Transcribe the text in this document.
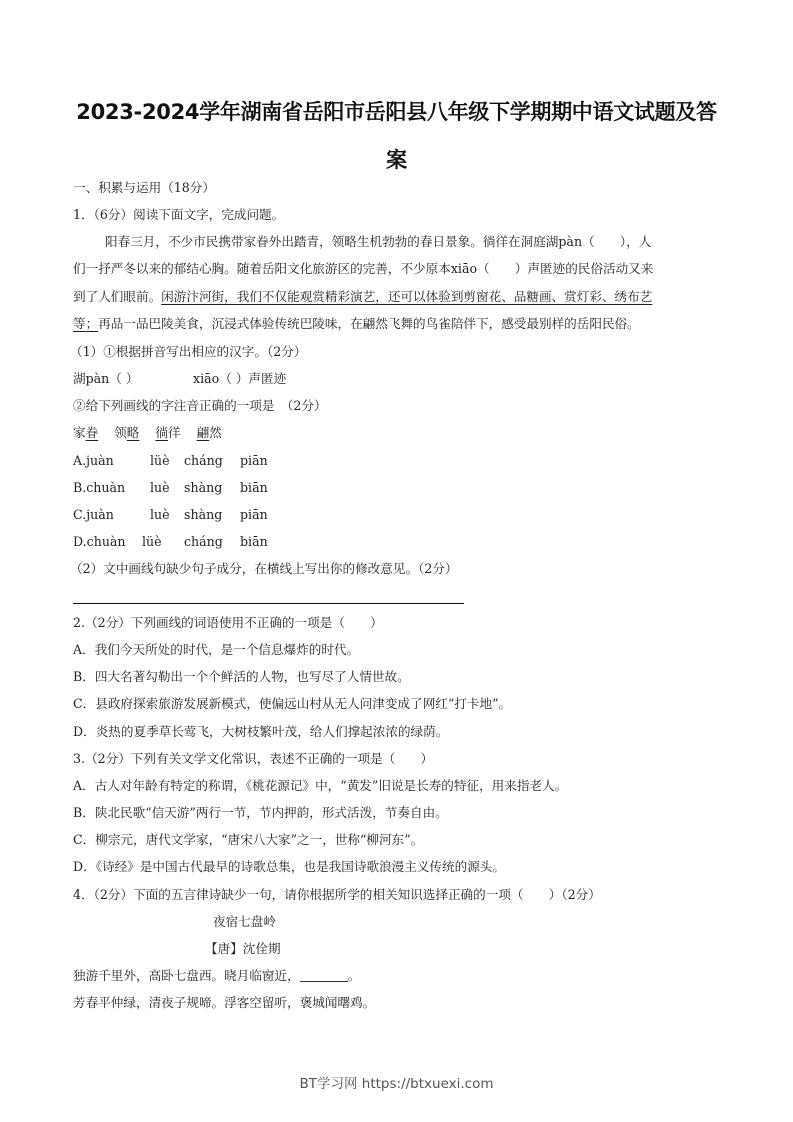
2023-2024学年湖南省岳阳市岳阳县八年级下学期期中语文试题及答
案
一、积累与运用（18分）
1．（6分）阅读下面文字，完成问题。
阳春三月，不少市民携带家眷外出踏青，领略生机勃勃的春日景象。徜徉在洞庭湖pàn（　　），人
们一抒严冬以来的郁结心胸。随着岳阳文化旅游区的完善，不少原本xiāo（　　）声匿迹的民俗活动又来
到了人们眼前。闲游汴河街，我们不仅能观赏精彩演艺，还可以体验到剪窗花、品糖画、赏灯彩、绣布艺
等；再品一品巴陵美食，沉浸式体验传统巴陵味，在翩然飞舞的鸟雀陪伴下，感受最别样的岳阳民俗。
（1）①根据拼音写出相应的汉字。（2分）
湖pàn（ ）	xiāo（ ）声匿迹
②给下列画线的字注音正确的一项是　（2分）
家眷 领略 徜徉 翩然
A.juàn	lüè cháng piān
B.chuàn luè shàng biān
C.juàn	luè shàng piān
D.chuàn lüè cháng biān
（2）文中画线句缺少句子成分，在横线上写出你的修改意见。（2分）
2.（2分）下列画线的词语使用不正确的一项是（　　）
A．我们今天所处的时代，是一个信息爆炸的时代。
B．四大名著勾勒出一个个鲜活的人物，也写尽了人情世故。
C．县政府探索旅游发展新模式，使偏远山村从无人问津变成了网红“打卡地”。
D．炎热的夏季草长莺飞，大树枝繁叶茂，给人们撑起浓浓的绿荫。
3.（2分）下列有关文学文化常识，表述不正确的一项是（　　）
A．古人对年龄有特定的称谓，《桃花源记》中，“黄发”旧说是长寿的特征，用来指老人。
B．陕北民歌“信天游”两行一节，节内押韵，形式活泼，节奏自由。
C．柳宗元，唐代文学家，“唐宋八大家”之一，世称“柳河东”。
D．《诗经》是中国古代最早的诗歌总集，也是我国诗歌浪漫主义传统的源头。
4．（2分）下面的五言律诗缺少一句，请你根据所学的相关知识选择正确的一项（　　）（2分）
夜宿七盘岭
【唐】沈佺期
独游千里外，高卧七盘西。晓月临窗近，	。
芳春平仲绿，清夜子规啼。浮客空留听，褒城闻曙鸡。
BT学习网 https://btxuexi.com
